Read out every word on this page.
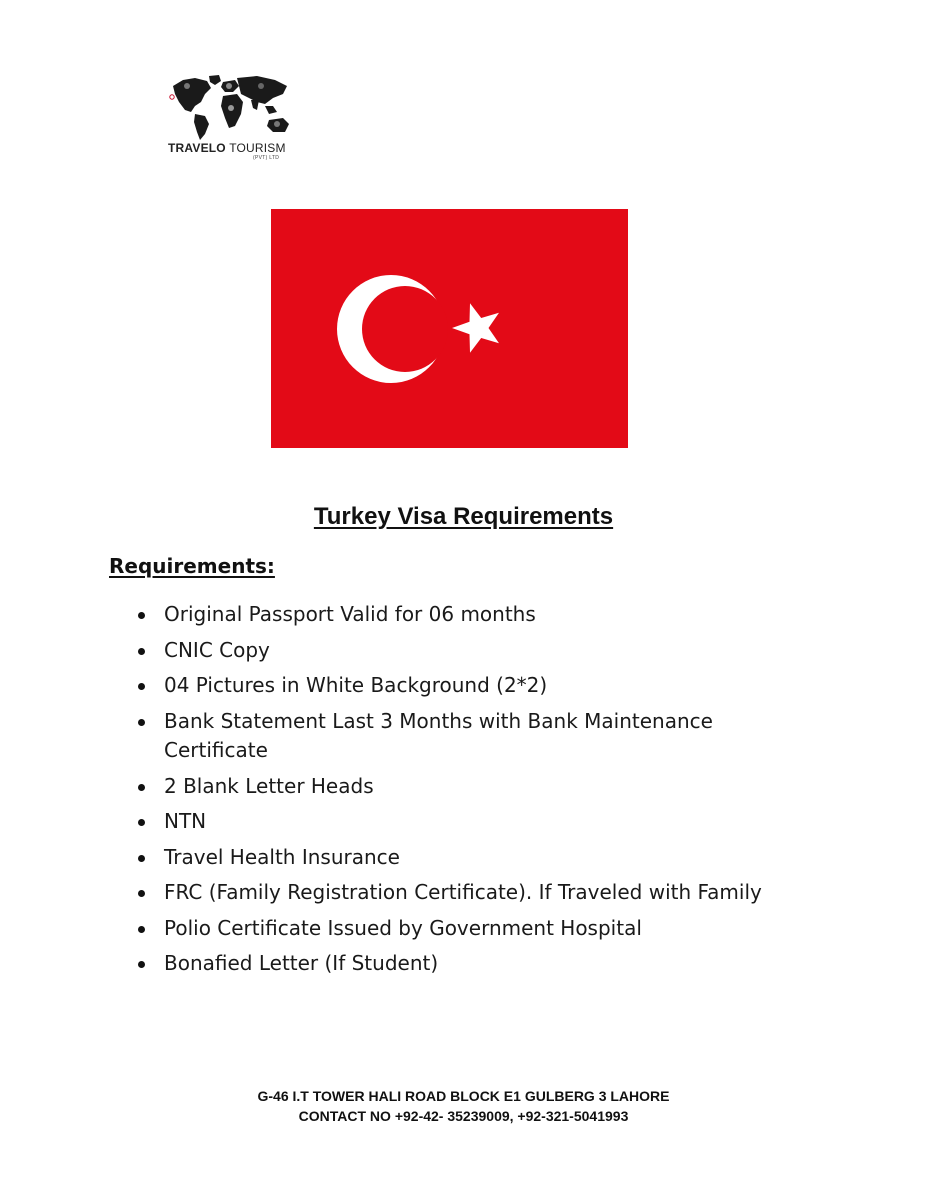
TRAVELO TOURISM
(PVT) LTD
Turkey Visa Requirements
Requirements:
Original Passport Valid for 06 months
CNIC Copy
04 Pictures in White Background (2*2)
Bank Statement Last 3 Months with Bank Maintenance Certificate
2 Blank Letter Heads
NTN
Travel Health Insurance
FRC (Family Registration Certificate). If Traveled with Family
Polio Certificate Issued by Government Hospital
Bonafied Letter (If Student)
G-46 I.T TOWER HALI ROAD BLOCK E1 GULBERG 3 LAHORE
CONTACT NO +92-42- 35239009, +92-321-5041993
